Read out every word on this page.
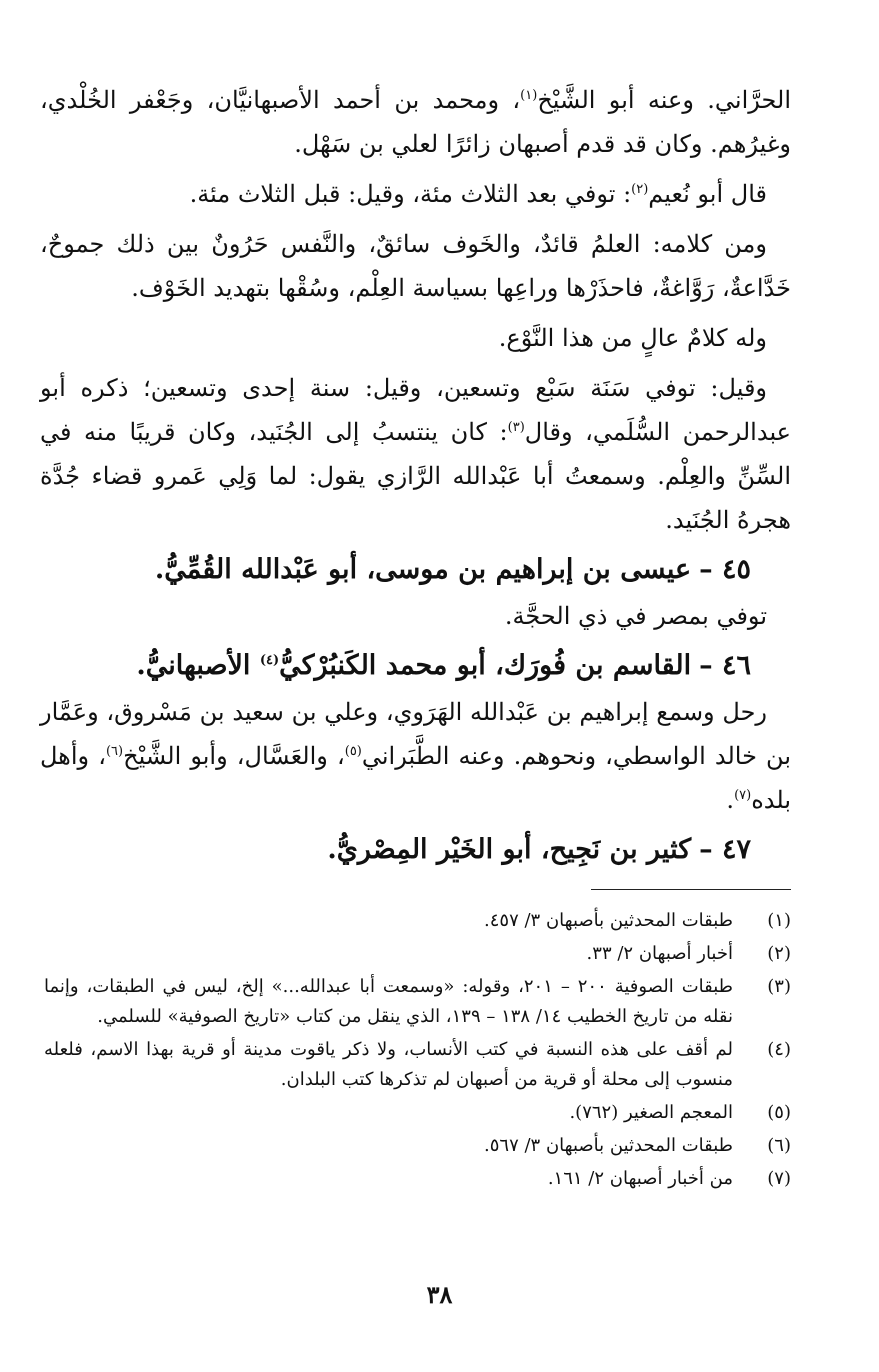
الحرَّاني. وعنه أبو الشَّيْخ$^{(١)}$، ومحمد بن أحمد الأصبهانيَّان، وجَعْفر الخُلْدي، وغيرُهم. وكان قد قدم أصبهان زائرًا لعلي بن سَهْل.

قال أبو نُعيم$^{(٢)}$: توفي بعد الثلاث مئة، وقيل: قبل الثلاث مئة.

ومن كلامه: العلمُ قائدٌ، والخَوف سائقٌ، والنَّفس حَرُونٌ بين ذلك جموحٌ، خَدَّاعةٌ، رَوَّاغةٌ، فاحذَرْها وراعِها بسياسة العِلْم، وسُقْها بتهديد الخَوْف.

وله كلامٌ عالٍ من هذا النَّوْع.

وقيل: توفي سَنَة سَبْع وتسعين، وقيل: سنة إحدى وتسعين؛ ذكره أبو عبدالرحمن السُّلَمي، وقال$^{(٣)}$: كان ينتسبُ إلى الجُنَيد، وكان قريبًا منه في السِّنِّ والعِلْم. وسمعتُ أبا عَبْدالله الرَّازي يقول: لما وَلِي عَمرو قضاء جُدَّة هجرهُ الجُنَيد.

٤٥ –عيسى بن إبراهيم بن موسى، أبو عَبْدالله القُمِّيُّ.

توفي بمصر في ذي الحجَّة.

٤٦ –القاسم بن فُورَك، أبو محمد الكَنبُرْكيُّ$^{(٤)}$ الأصبهانيُّ.

رحل وسمع إبراهيم بن عَبْدالله الهَرَوي، وعلي بن سعيد بن مَسْروق، وعَمَّار بن خالد الواسطي، ونحوهم. وعنه الطَّبَراني$^{(٥)}$، والعَسَّال، وأبو الشَّيْخ$^{(٦)}$، وأهل بلده$^{(٧)}$.

٤٧ –كثير بن نَجِيح، أبو الخَيْر المِصْريُّ.

(١)
طبقات المحدثين بأصبهان ٣/ ٤٥٧.
(٢)
أخبار أصبهان ٢/ ٣٣.
(٣)
طبقات الصوفية ٢٠٠ – ٢٠١، وقوله: «وسمعت أبا عبدالله...» إلخ، ليس في الطبقات، وإنما نقله من تاريخ الخطيب ١٤/ ١٣٨ – ١٣٩، الذي ينقل من كتاب «تاريخ الصوفية» للسلمي.
(٤)
لم أقف على هذه النسبة في كتب الأنساب، ولا ذكر ياقوت مدينة أو قرية بهذا الاسم، فلعله منسوب إلى محلة أو قرية من أصبهان لم تذكرها كتب البلدان.
(٥)
المعجم الصغير (٧٦٢).
(٦)
طبقات المحدثين بأصبهان ٣/ ٥٦٧.
(٧)
من أخبار أصبهان ٢/ ١٦١.
٣٨
